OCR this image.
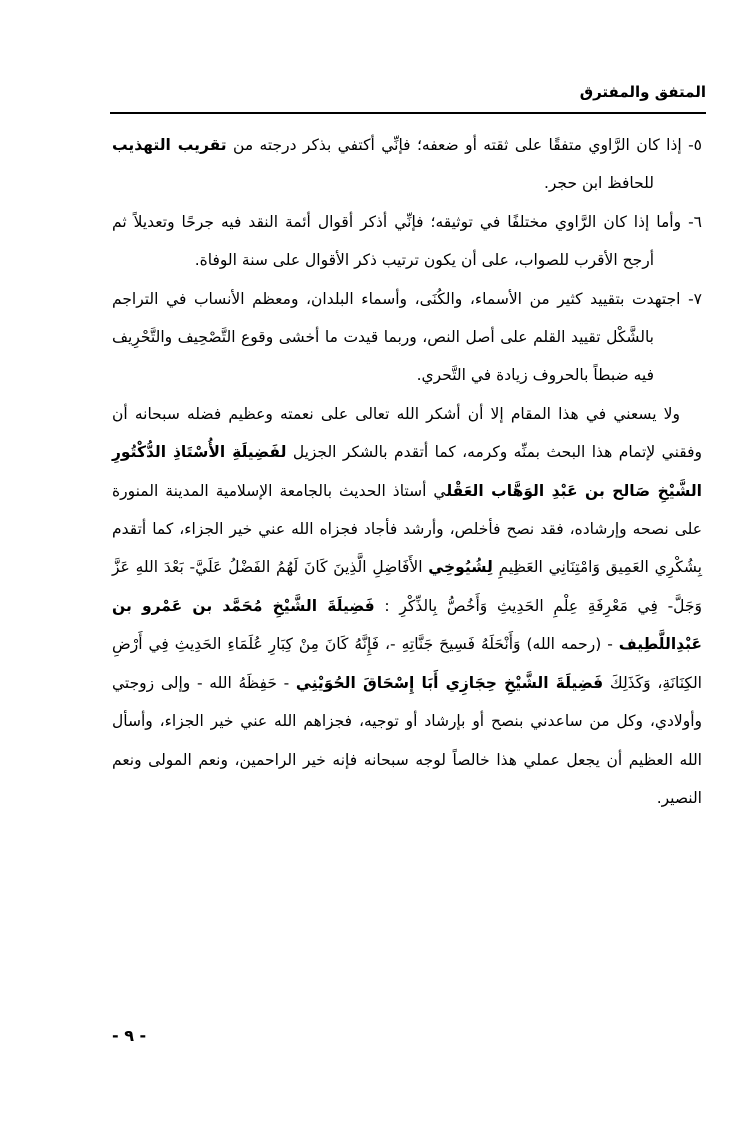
المتفق والمفترق

٥- إذا كان الرَّاوي متفقًا على ثقته أو ضعفه؛ فإنِّي أكتفي بذكر درجته من تقريب التهذيب للحافظ ابن حجر.

٦- وأما إذا كان الرَّاوي مختلفًا في توثيقه؛ فإنِّي أذكر أقوال أئمة النقد فيه جرحًا وتعديلاً ثم أرجح الأقرب للصواب، على أن يكون ترتيب ذكر الأقوال على سنة الوفاة.

٧- اجتهدت بتقييد كثير من الأسماء، والكُنَى، وأسماء البلدان، ومعظم الأنساب في التراجم بالشَّكْل تقييد القلم على أصل النص، وربما قيدت ما أخشى وقوع التَّصْحِيف والتَّحْرِيف فيه ضبطاً بالحروف زيادة في التَّحري.

ولا يسعني في هذا المقام إلا أن أشكر الله تعالى على نعمته وعظيم فضله سبحانه أن وفقني لإتمام هذا البحث بمنِّه وكرمه، كما أتقدم بالشكر الجزيل لفَضِيلَةِ الأُسْتَاذِ الدُّكْتُورِ الشَّيْخِ صَالح بن عَبْدِ الوَهَّاب العَقْلي أستاذ الحديث بالجامعة الإسلامية المدينة المنورة على نصحه وإرشاده، فقد نصح فأخلص، وأرشد فأجاد فجزاه الله عني خير الجزاء، كما أتقدم بِشُكْرِي العَمِيق وَامْتِنَانِي العَظِيمِ لِشُيُوخِي الأَفَاضِلِ الَّذِينَ كَانَ لَهُمُ الفَضْلُ عَلَيَّ- بَعْدَ اللهِ عَزَّ وَجَلَّ- فِي مَعْرِفَةِ عِلْمِ الحَدِيثِ وَأَخُصُّ بِالذِّكْرِ : فَضِيلَةَ الشَّيْخِ مُحَمَّد بن عَمْرو بن عَبْدِاللَّطِيف - (رحمه الله) وَأَنْحَلَهُ فَسِيحَ جَنَّاتِهِ -، فَإِنَّهُ كَانَ مِنْ كِبَارِ عُلَمَاءِ الحَدِيثِ فِي أَرْضِ الكِنَانَةِ، وَكَذَلِكَ فَضِيلَةَ الشَّيْخِ حِجَازِي أَبَا إِسْحَاقَ الحُوَيْنِي - حَفِظَهُ الله - وإلى زوجتي وأولادي، وكل من ساعدني بنصح أو بإرشاد أو توجيه، فجزاهم الله عني خير الجزاء، وأسأل الله العظيم أن يجعل عملي هذا خالصاً لوجه سبحانه فإنه خير الراحمين، ونعم المولى ونعم النصير.

- ٩ -
